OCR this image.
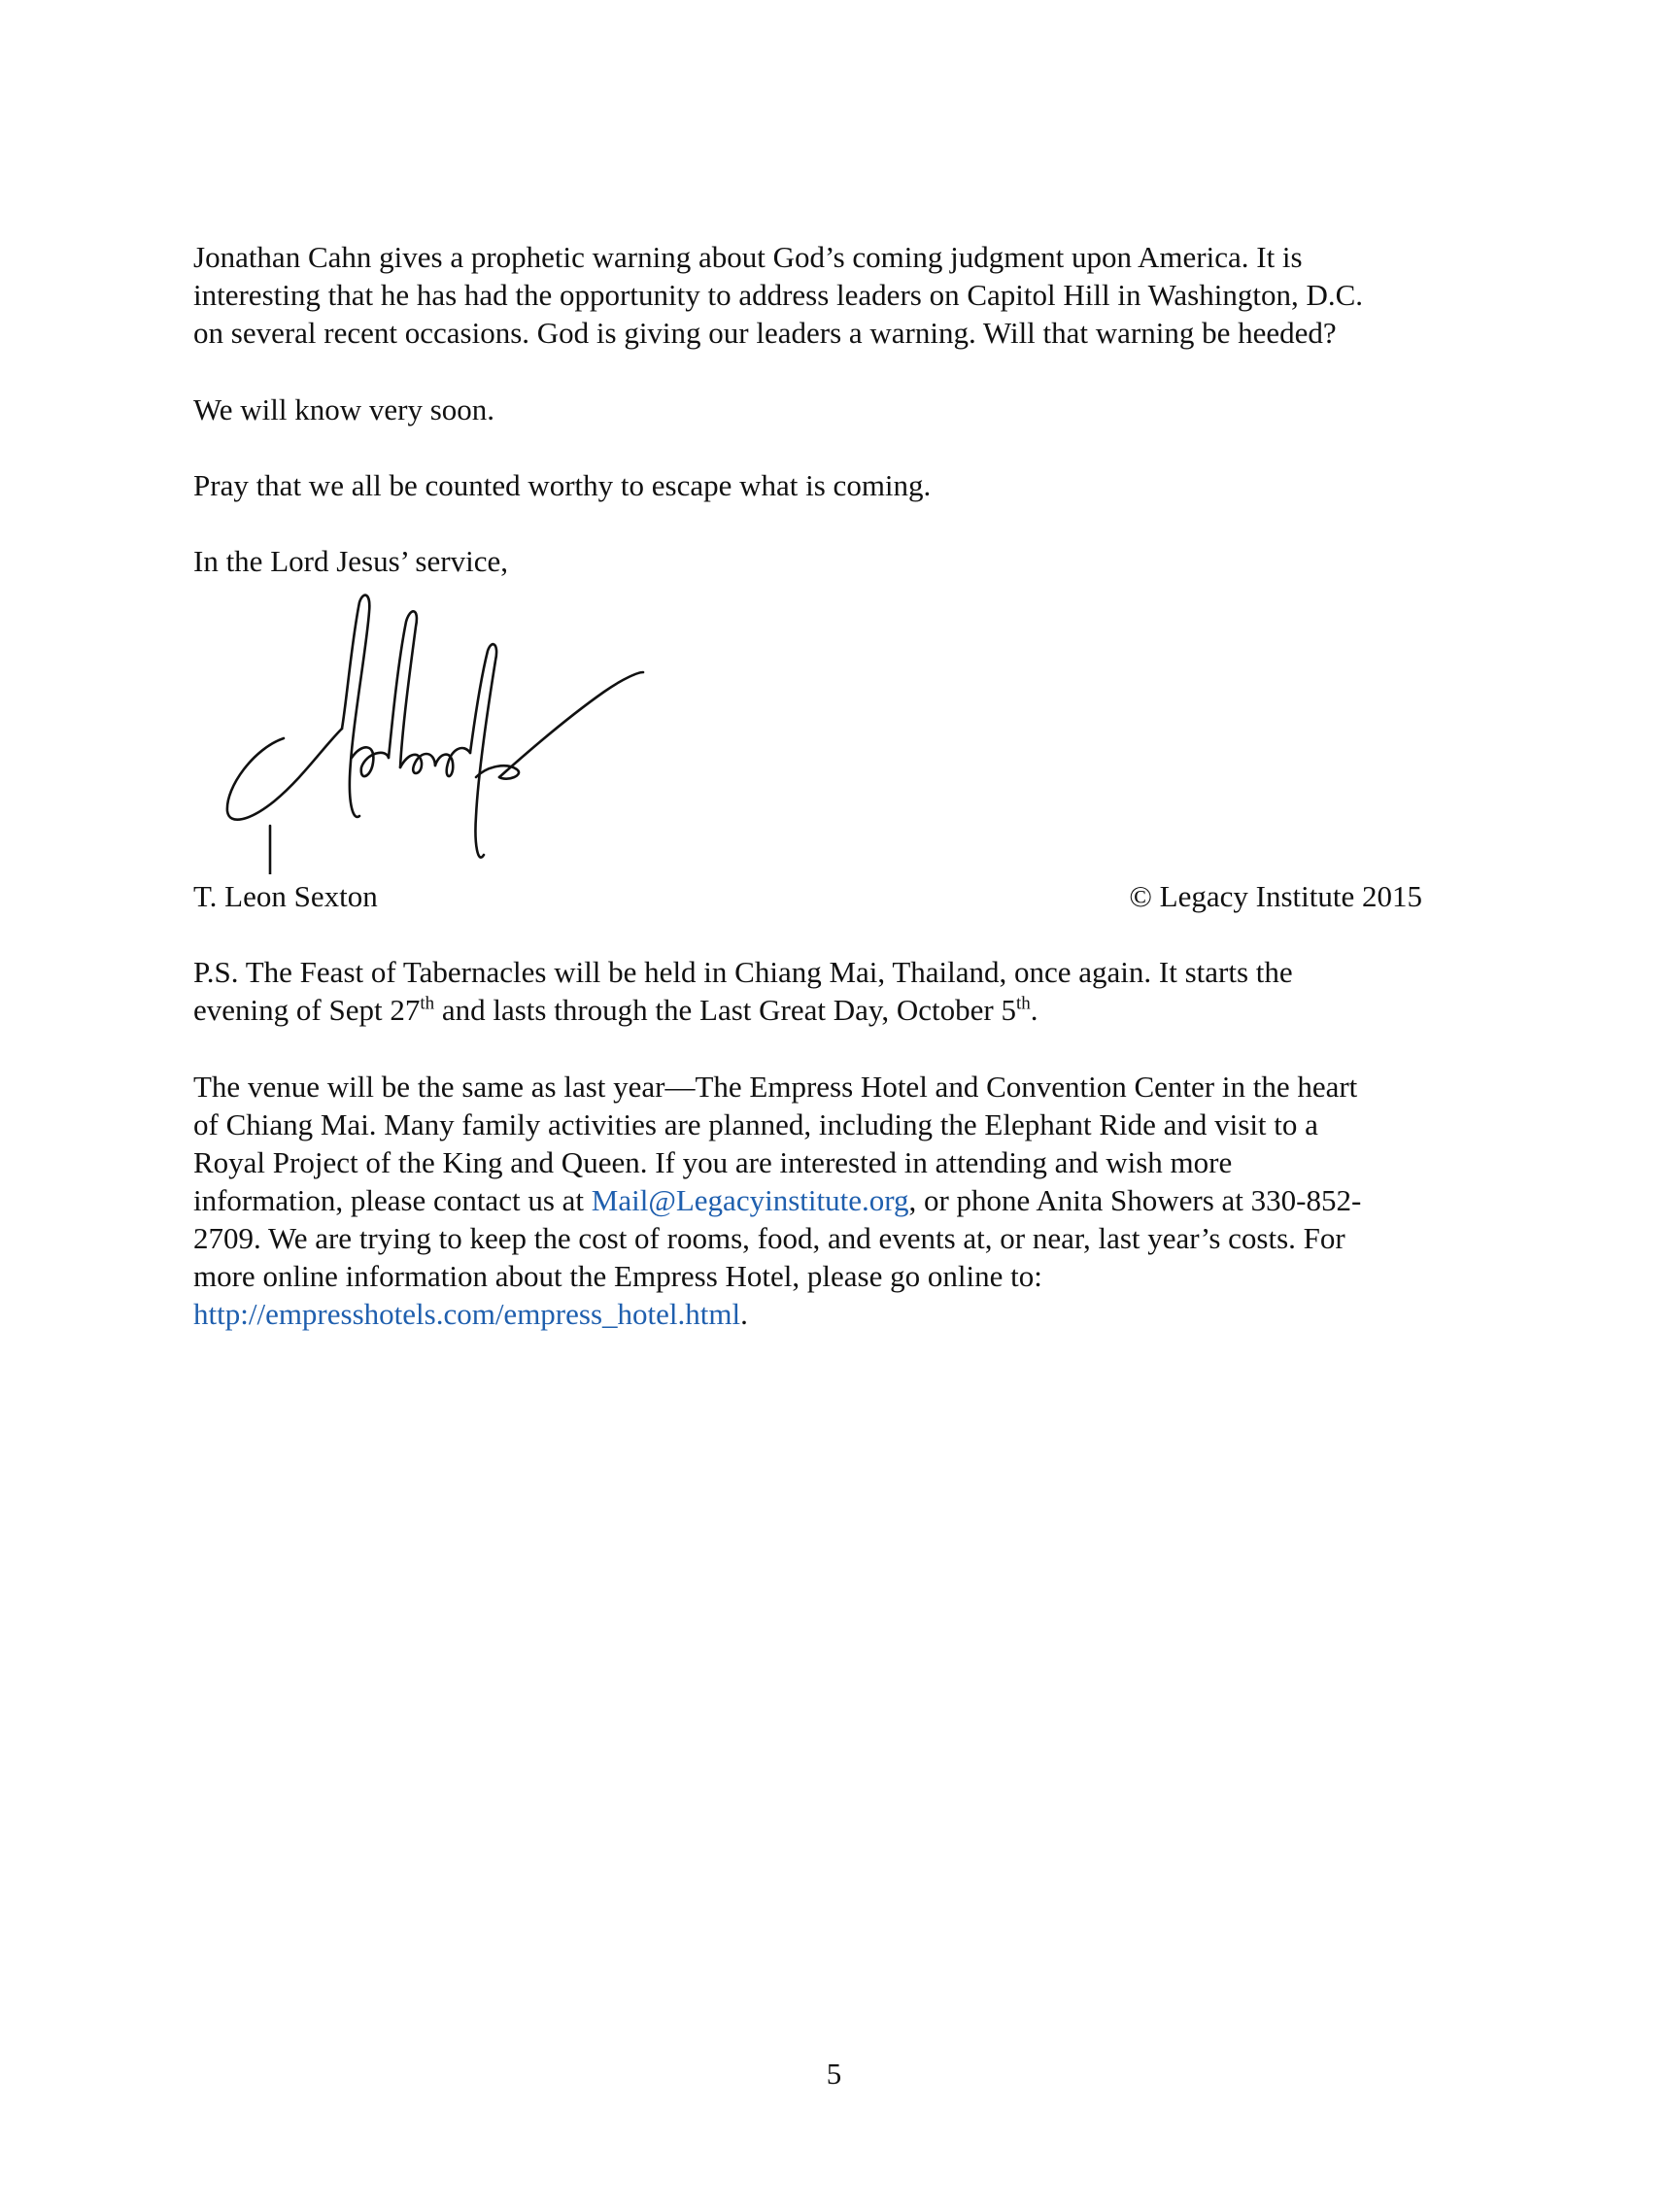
Jonathan Cahn gives a prophetic warning about God’s coming judgment upon America. It is
interesting that he has had the opportunity to address leaders on Capitol Hill in Washington, D.C.
on several recent occasions. God is giving our leaders a warning. Will that warning be heeded?

We will know very soon.

Pray that we all be counted worthy to escape what is coming.

In the Lord Jesus’ service,

T. Leon Sexton	© Legacy Institute 2015

P.S. The Feast of Tabernacles will be held in Chiang Mai, Thailand, once again. It starts the
evening of Sept 27th and lasts through the Last Great Day, October 5th.

The venue will be the same as last year—The Empress Hotel and Convention Center in the heart
of Chiang Mai. Many family activities are planned, including the Elephant Ride and visit to a
Royal Project of the King and Queen. If you are interested in attending and wish more
information, please contact us at Mail@Legacyinstitute.org, or phone Anita Showers at 330-852-
2709. We are trying to keep the cost of rooms, food, and events at, or near, last year’s costs. For
more online information about the Empress Hotel, please go online to:
http://empresshotels.com/empress_hotel.html.

5
